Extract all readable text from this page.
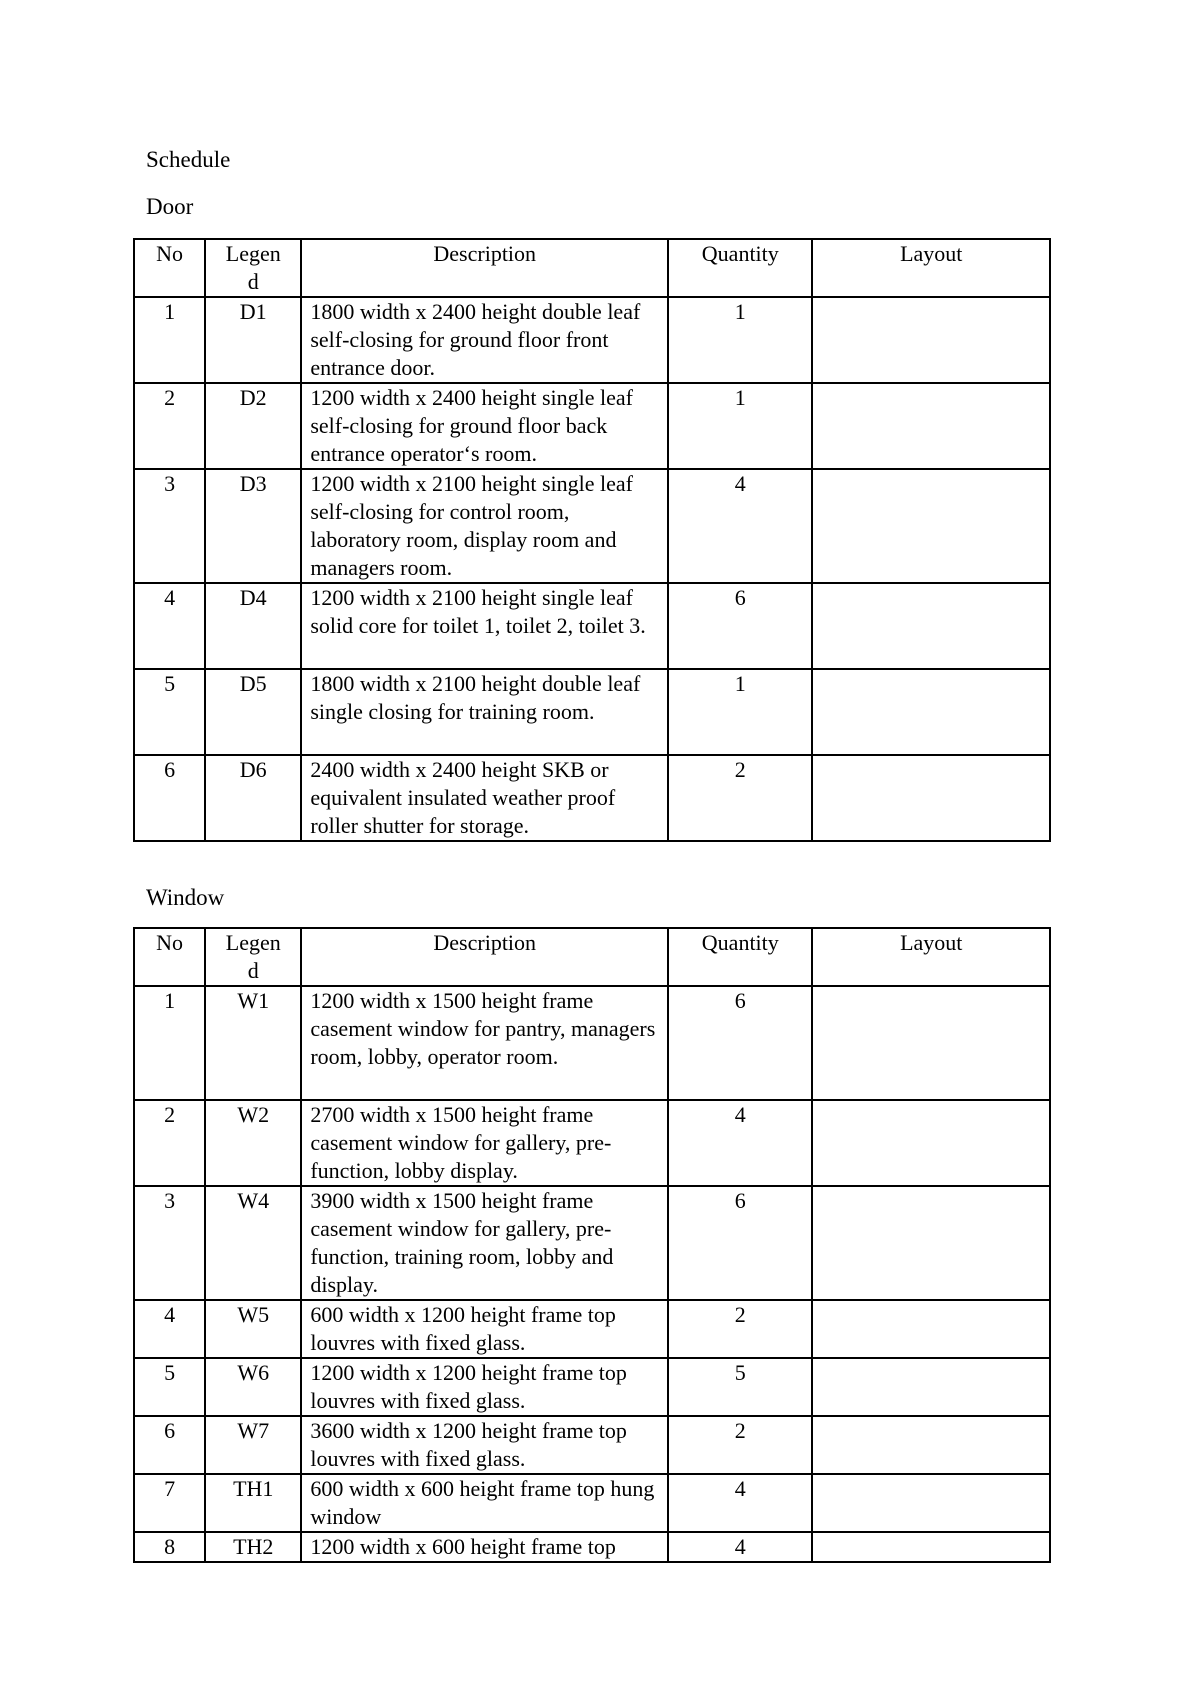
Schedule
Door
No	Legend	Description	Quantity	Layout
1	D1	1800 width x 2400 height double leaf self-closing for ground floor front entrance door.	1	
2	D2	1200 width x 2400 height single leaf self-closing for ground floor back entrance operator‘s room.	1	
3	D3	1200 width x 2100 height single leaf self-closing for control room, laboratory room, display room and managers room.	4	
4	D4	1200 width x 2100 height single leaf solid core for toilet 1, toilet 2, toilet 3.	6	
5	D5	1800 width x 2100 height double leaf single closing for training room.	1	
6	D6	2400 width x 2400 height SKB or equivalent insulated weather proof roller shutter for storage.	2	
Window
No	Legend	Description	Quantity	Layout
1	W1	1200 width x 1500 height frame casement window for pantry, managers room, lobby, operator room.	6	
2	W2	2700 width x 1500 height frame casement window for gallery, pre-function, lobby display.	4	
3	W4	3900 width x 1500 height frame casement window for gallery, pre-function, training room, lobby and display.	6	
4	W5	600 width x 1200 height frame top louvres with fixed glass.	2	
5	W6	1200 width x 1200 height frame top louvres with fixed glass.	5	
6	W7	3600 width x 1200 height frame top louvres with fixed glass.	2	
7	TH1	600 width x 600 height frame top hung window	4	
8	TH2	1200 width x 600 height frame top	4	
